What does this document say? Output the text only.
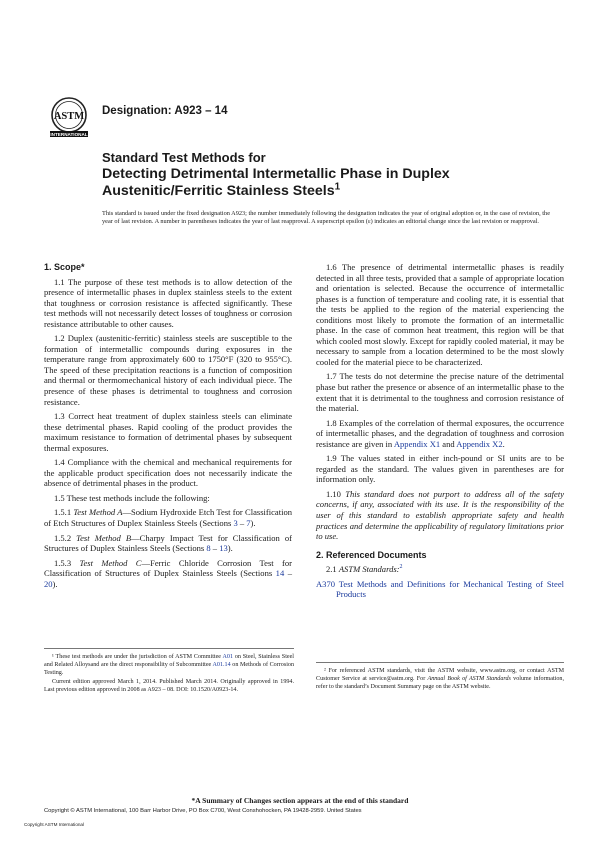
ASTM
INTERNATIONAL
Designation: A923 – 14
Standard Test Methods for
Detecting Detrimental Intermetallic Phase in Duplex
Austenitic/Ferritic Stainless Steels$^1$
This standard is issued under the fixed designation A923; the number immediately following the designation indicates the year of original adoption or, in the case of revision, the year of last revision. A number in parentheses indicates the year of last reapproval. A superscript epsilon (ε) indicates an editorial change since the last revision or reapproval.
1. Scope*

1.1 The purpose of these test methods is to allow detection of the presence of intermetallic phases in duplex stainless steels to the extent that toughness or corrosion resistance is affected significantly. These test methods will not necessarily detect losses of toughness or corrosion resistance attributable to other causes.

1.2 Duplex (austenitic-ferritic) stainless steels are susceptible to the formation of intermetallic compounds during exposures in the temperature range from approximately 600 to 1750°F (320 to 955°C). The speed of these precipitation reactions is a function of composition and thermal or thermomechanical history of each individual piece. The presence of these phases is detrimental to toughness and corrosion resistance.

1.3 Correct heat treatment of duplex stainless steels can eliminate these detrimental phases. Rapid cooling of the product provides the maximum resistance to formation of detrimental phases by subsequent thermal exposures.

1.4 Compliance with the chemical and mechanical requirements for the applicable product specification does not necessarily indicate the absence of detrimental phases in the product.

1.5 These test methods include the following:

1.5.1 Test Method A—Sodium Hydroxide Etch Test for Classification of Etch Structures of Duplex Stainless Steels (Sections 3 – 7).

1.5.2 Test Method B—Charpy Impact Test for Classification of Structures of Duplex Stainless Steels (Sections 8 – 13).

1.5.3 Test Method C—Ferric Chloride Corrosion Test for Classification of Structures of Duplex Stainless Steels (Sections 14 – 20).

1.6 The presence of detrimental intermetallic phases is readily detected in all three tests, provided that a sample of appropriate location and orientation is selected. Because the occurrence of intermetallic phases is a function of temperature and cooling rate, it is essential that the tests be applied to the region of the material experiencing the conditions most likely to promote the formation of an intermetallic phase. In the case of common heat treatment, this region will be that which cooled most slowly. Except for rapidly cooled material, it may be necessary to sample from a location determined to be the most slowly cooled for the material piece to be characterized.

1.7 The tests do not determine the precise nature of the detrimental phase but rather the presence or absence of an intermetallic phase to the extent that it is detrimental to the toughness and corrosion resistance of the material.

1.8 Examples of the correlation of thermal exposures, the occurrence of intermetallic phases, and the degradation of toughness and corrosion resistance are given in Appendix X1 and Appendix X2.

1.9 The values stated in either inch-pound or SI units are to be regarded as the standard. The values given in parentheses are for information only.

1.10 This standard does not purport to address all of the safety concerns, if any, associated with its use. It is the responsibility of the user of this standard to establish appropriate safety and health practices and determine the applicability of regulatory limitations prior to use.

2. Referenced Documents

2.1 ASTM Standards:$^2$

A370 Test Methods and Definitions for Mechanical Testing of Steel Products

¹ These test methods are under the jurisdiction of ASTM Committee A01 on Steel, Stainless Steel and Related Alloysand are the direct responsibility of Subcommittee A01.14 on Methods of Corrosion Testing.

Current edition approved March 1, 2014. Published March 2014. Originally approved in 1994. Last previous edition approved in 2008 as A923 – 08. DOI: 10.1520/A0923-14.

² For referenced ASTM standards, visit the ASTM website, www.astm.org, or contact ASTM Customer Service at service@astm.org. For Annual Book of ASTM Standards volume information, refer to the standard’s Document Summary page on the ASTM website.

*A Summary of Changes section appears at the end of this standard
Copyright © ASTM International, 100 Barr Harbor Drive, PO Box C700, West Conshohocken, PA 19428-2959. United States
Copyright ASTM International
